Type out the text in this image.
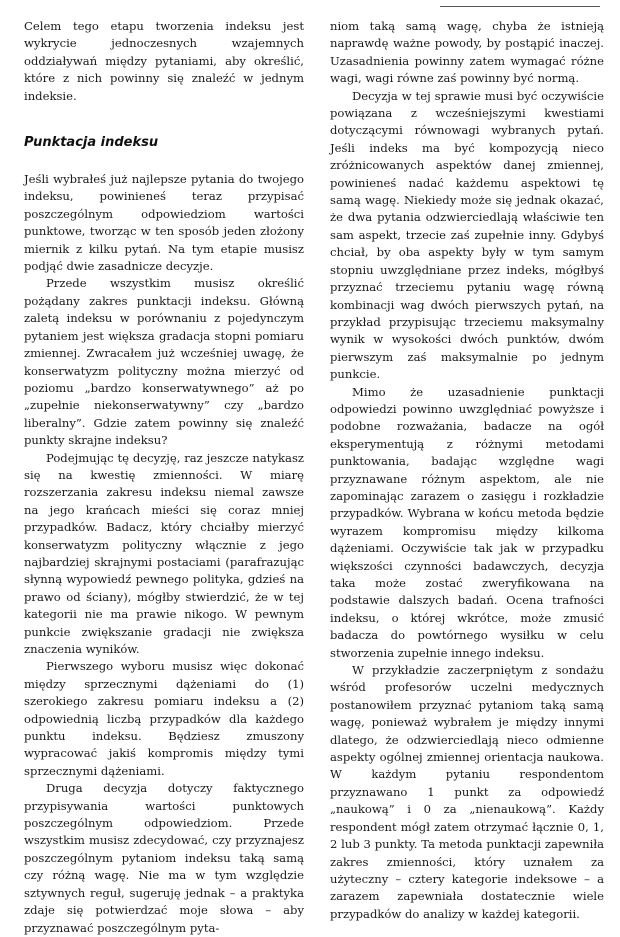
Celem tego etapu tworzenia indeksu jest wykrycie jednoczesnych wzajemnych oddziaływań między pytaniami, aby określić, które z nich powinny się znaleźć w jednym indeksie.

Punktacja indeksu

Jeśli wybrałeś już najlepsze pytania do twojego indeksu, powinieneś teraz przypisać poszczególnym odpowiedziom wartości punktowe, tworząc w ten sposób jeden złożony miernik z kilku pytań. Na tym etapie musisz podjąć dwie zasadnicze decyzje.

Przede wszystkim musisz określić pożądany zakres punktacji indeksu. Główną zaletą indeksu w porównaniu z pojedynczym pytaniem jest większa gradacja stopni pomiaru zmiennej. Zwracałem już wcześniej uwagę, że konserwatyzm polityczny można mierzyć od poziomu „bardzo konserwatywnego” aż po „zupełnie niekonserwatywny” czy „bardzo liberalny”. Gdzie zatem powinny się znaleźć punkty skrajne indeksu?

Podejmując tę decyzję, raz jeszcze natykasz się na kwestię zmienności. W miarę rozszerzania zakresu indeksu niemal zawsze na jego krańcach mieści się coraz mniej przypadków. Badacz, który chciałby mierzyć konserwatyzm polityczny włącznie z jego najbardziej skrajnymi postaciami (parafrazując słynną wypowiedź pewnego polityka, gdzieś na prawo od ściany), mógłby stwierdzić, że w tej kategorii nie ma prawie nikogo. W pewnym punkcie zwiększanie gradacji nie zwiększa znaczenia wyników.

Pierwszego wyboru musisz więc dokonać między sprzecznymi dążeniami do (1) szerokiego zakresu pomiaru indeksu a (2) odpowiednią liczbą przypadków dla każdego punktu indeksu. Będziesz zmuszony wypracować jakiś kompromis między tymi sprzecznymi dążeniami.

Druga decyzja dotyczy faktycznego przypisywania wartości punktowych poszczególnym odpowiedziom. Przede wszystkim musisz zdecydować, czy przyznajesz poszczególnym pytaniom indeksu taką samą czy różną wagę. Nie ma w tym względzie sztywnych reguł, sugeruję jednak – a praktyka zdaje się potwierdzać moje słowa – aby przyznawać poszczególnym pyta-

niom taką samą wagę, chyba że istnieją naprawdę ważne powody, by postąpić inaczej. Uzasadnienia powinny zatem wymagać różne wagi, wagi równe zaś powinny być normą.

Decyzja w tej sprawie musi być oczywiście powiązana z wcześniejszymi kwestiami dotyczącymi równowagi wybranych pytań. Jeśli indeks ma być kompozycją nieco zróżnicowanych aspektów danej zmiennej, powinieneś nadać każdemu aspektowi tę samą wagę. Niekiedy może się jednak okazać, że dwa pytania odzwierciedlają właściwie ten sam aspekt, trzecie zaś zupełnie inny. Gdybyś chciał, by oba aspekty były w tym samym stopniu uwzględniane przez indeks, mógłbyś przyznać trzeciemu pytaniu wagę równą kombinacji wag dwóch pierwszych pytań, na przykład przypisując trzeciemu maksymalny wynik w wysokości dwóch punktów, dwóm pierwszym zaś maksymalnie po jednym punkcie.

Mimo że uzasadnienie punktacji odpowiedzi powinno uwzględniać powyższe i podobne rozważania, badacze na ogół eksperymentują z różnymi metodami punktowania, badając względne wagi przyznawane różnym aspektom, ale nie zapominając zarazem o zasięgu i rozkładzie przypadków. Wybrana w końcu metoda będzie wyrazem kompromisu między kilkoma dążeniami. Oczywiście tak jak w przypadku większości czynności badawczych, decyzja taka może zostać zweryfikowana na podstawie dalszych badań. Ocena trafności indeksu, o której wkrótce, może zmusić badacza do powtórnego wysiłku w celu stworzenia zupełnie innego indeksu.

W przykładzie zaczerpniętym z sondażu wśród profesorów uczelni medycznych postanowiłem przyznać pytaniom taką samą wagę, ponieważ wybrałem je między innymi dlatego, że odzwierciedlają nieco odmienne aspekty ogólnej zmiennej orientacja naukowa. W każdym pytaniu respondentom przyznawano 1 punkt za odpowiedź „naukową” i 0 za „nienaukową”. Każdy respondent mógł zatem otrzymać łącznie 0, 1, 2 lub 3 punkty. Ta metoda punktacji zapewniła zakres zmienności, który uznałem za użyteczny – cztery kategorie indeksowe – a zarazem zapewniała dostatecznie wiele przypadków do analizy w każdej kategorii.
